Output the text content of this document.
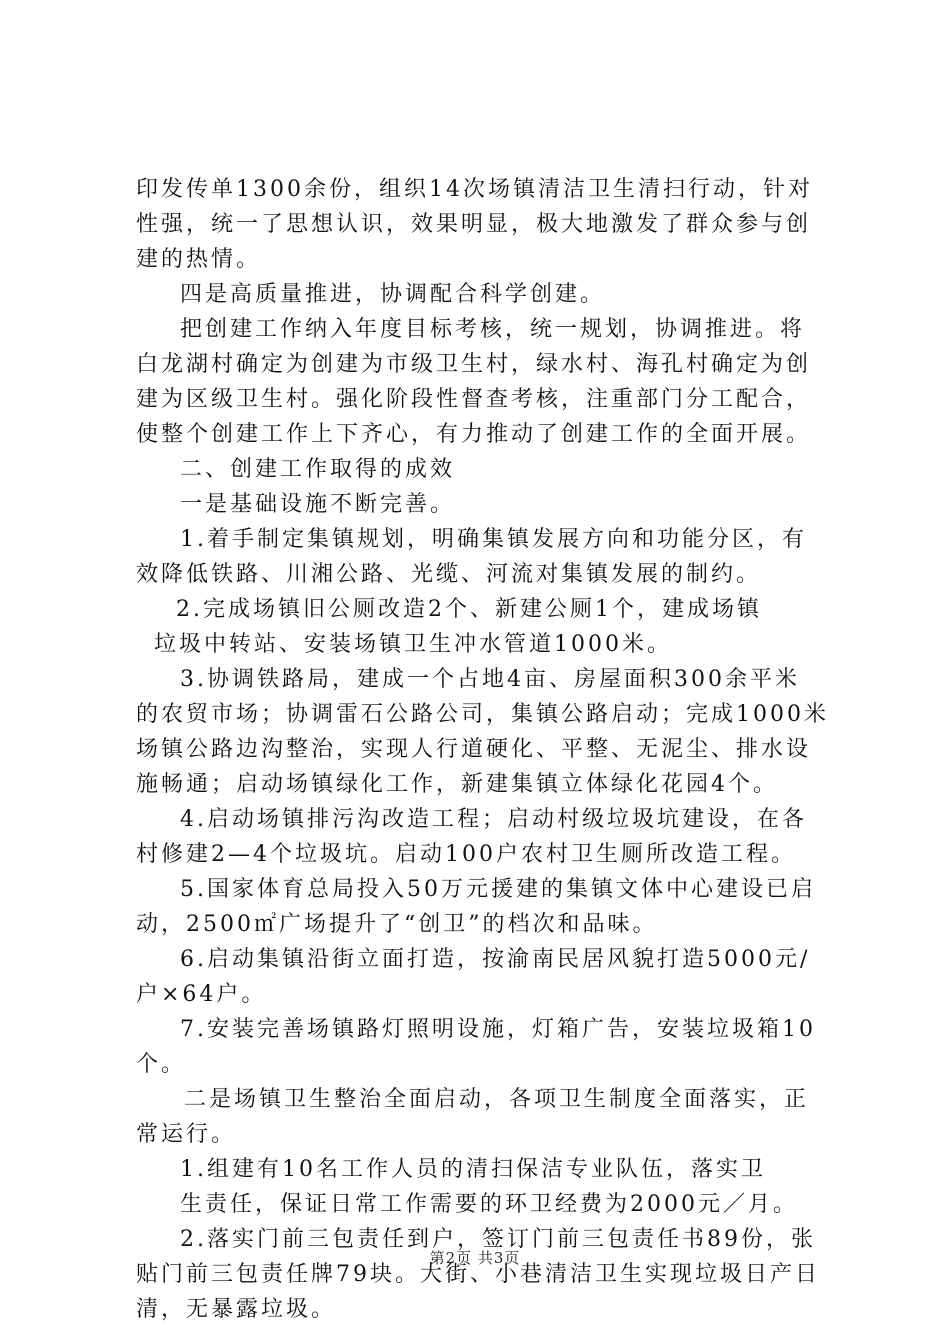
印发传单1300余份，组织14次场镇清洁卫生清扫行动，针对
性强，统一了思想认识，效果明显，极大地激发了群众参与创
建的热情。
四是高质量推进，协调配合科学创建。
把创建工作纳入年度目标考核，统一规划，协调推进。将
白龙湖村确定为创建为市级卫生村，绿水村、海孔村确定为创
建为区级卫生村。强化阶段性督查考核，注重部门分工配合，
使整个创建工作上下齐心，有力推动了创建工作的全面开展。
二、创建工作取得的成效
一是基础设施不断完善。
1.着手制定集镇规划，明确集镇发展方向和功能分区，有
效降低铁路、川湘公路、光缆、河流对集镇发展的制约。
2.完成场镇旧公厕改造2个、新建公厕1个，建成场镇
垃圾中转站、安装场镇卫生冲水管道1000米。
3.协调铁路局，建成一个占地4亩、房屋面积300余平米
的农贸市场；协调雷石公路公司，集镇公路启动；完成1000米
场镇公路边沟整治，实现人行道硬化、平整、无泥尘、排水设
施畅通；启动场镇绿化工作，新建集镇立体绿化花园4个。
4.启动场镇排污沟改造工程；启动村级垃圾坑建设，在各
村修建2—4个垃圾坑。启动100户农村卫生厕所改造工程。
5.国家体育总局投入50万元援建的集镇文体中心建设已启
动，2500㎡广场提升了“创卫”的档次和品味。
6.启动集镇沿街立面打造，按渝南民居风貌打造5000元/
户×64户。
7.安装完善场镇路灯照明设施，灯箱广告，安装垃圾箱10
个。
二是场镇卫生整治全面启动，各项卫生制度全面落实，正
常运行。
1.组建有10名工作人员的清扫保洁专业队伍，落实卫
生责任，保证日常工作需要的环卫经费为2000元／月。
2.落实门前三包责任到户，签订门前三包责任书89份，张
贴门前三包责任牌79块。大街、小巷清洁卫生实现垃圾日产日
清，无暴露垃圾。
第2页 共3页
